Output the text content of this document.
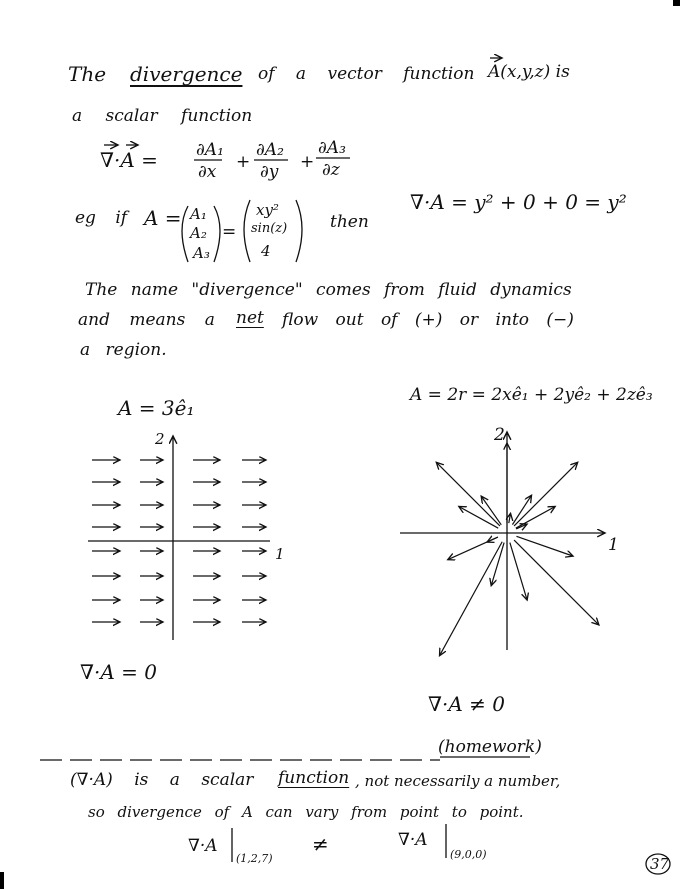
The divergence of a vector function A(x,y,z) is
a scalar function
∇·A = ∂A₁
∂x +
∂A₂
∂y +
∂A₃
∂z
eg if A = A₁
A₂
A₃
=
xy²
sin(z)
4
then
∇·A = y² + 0 + 0 = y²
The name "divergence" comes from fluid dynamics
and means a net flow out of (+) or into (−)
a region.
A = 3ê₁
2
1
∇·A = 0
A = 2r = 2xê₁ + 2yê₂ + 2zê₃
2
1
∇·A ≠ 0
(homework)
(∇·A) is a scalar function , not necessarily a number,
so divergence of A can vary from point to point.
∇·A
(1,2,7)
≠	∇·A
(9,0,0)
37
